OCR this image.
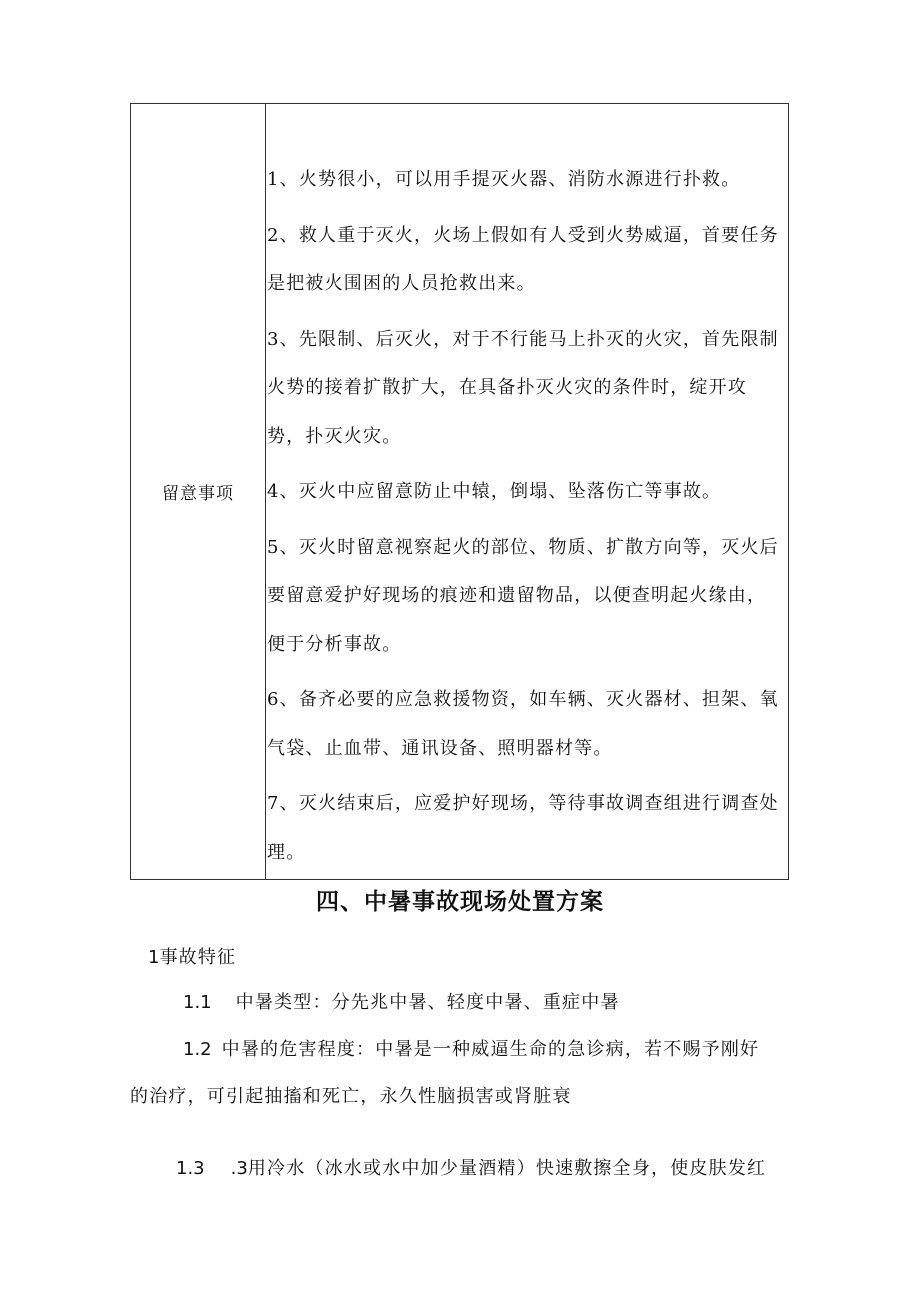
留意事项

1、火势很小，可以用手提灭火器、消防水源进行扑救。

2、救人重于灭火，火场上假如有人受到火势威逼，首要任务是把被火围困的人员抢救出来。

3、先限制、后灭火，对于不行能马上扑灭的火灾，首先限制火势的接着扩散扩大，在具备扑灭火灾的条件时，绽开攻势，扑灭火灾。

4、灭火中应留意防止中辕，倒塌、坠落伤亡等事故。

5、灭火时留意视察起火的部位、物质、扩散方向等，灭火后要留意爱护好现场的痕迹和遗留物品，以便查明起火缘由，便于分析事故。

6、备齐必要的应急救援物资，如车辆、灭火器材、担架、氧气袋、止血带、通讯设备、照明器材等。

7、灭火结束后，应爱护好现场，等待事故调查组进行调查处理。

四、中暑事故现场处置方案
1事故特征
1.1 中暑类型：分先兆中暑、轻度中暑、重症中暑
1.2 中暑的危害程度：中暑是一种威逼生命的急诊病，若不赐予刚好
的治疗，可引起抽搐和死亡，永久性脑损害或肾脏衰
1.3 .3用冷水（冰水或水中加少量酒精）快速敷擦全身，使皮肤发红
